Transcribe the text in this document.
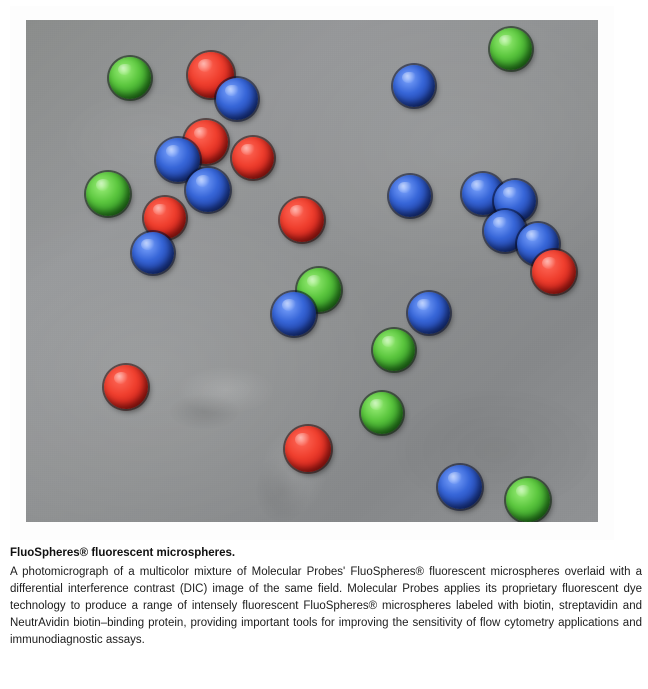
FluoSpheres® fluorescent microspheres.

A photomicrograph of a multicolor mixture of Molecular Probes' FluoSpheres® fluorescent microspheres overlaid with a differential interference contrast (DIC) image of the same field. Molecular Probes applies its proprietary fluorescent dye technology to produce a range of intensely fluorescent FluoSpheres® microspheres labeled with biotin, streptavidin and NeutrAvidin biotin–binding protein, providing important tools for improving the sensitivity of flow cytometry applications and immunodiagnostic assays.
